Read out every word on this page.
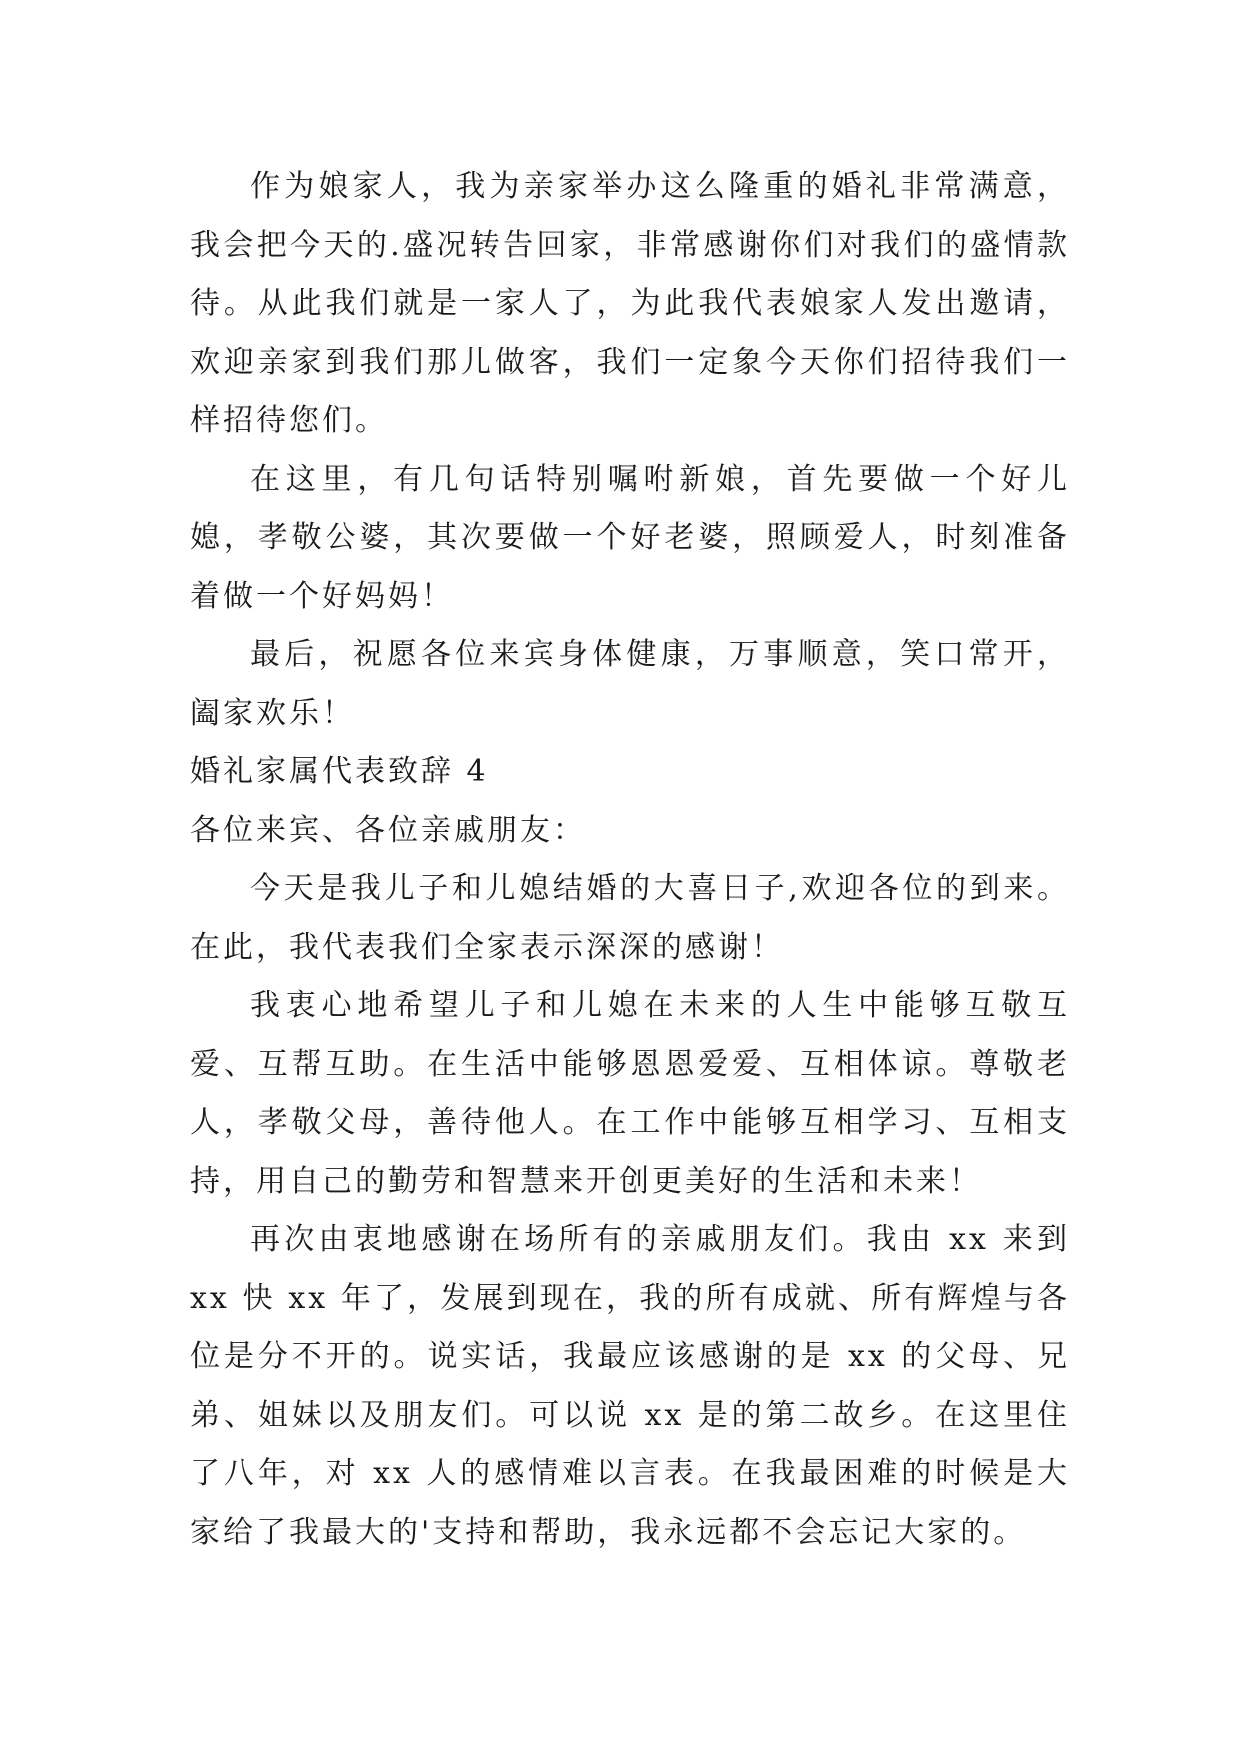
作为娘家人，我为亲家举办这么隆重的婚礼非常满意，我会把今天的.盛况转告回家，非常感谢你们对我们的盛情款待。从此我们就是一家人了，为此我代表娘家人发出邀请，欢迎亲家到我们那儿做客，我们一定象今天你们招待我们一样招待您们。

在这里，有几句话特别嘱咐新娘，首先要做一个好儿媳，孝敬公婆，其次要做一个好老婆，照顾爱人，时刻准备着做一个好妈妈！

最后，祝愿各位来宾身体健康，万事顺意，笑口常开，阖家欢乐！

婚礼家属代表致辞 4

各位来宾、各位亲戚朋友：

今天是我儿子和儿媳结婚的大喜日子,欢迎各位的到来。在此，我代表我们全家表示深深的感谢！

我衷心地希望儿子和儿媳在未来的人生中能够互敬互爱、互帮互助。在生活中能够恩恩爱爱、互相体谅。尊敬老人，孝敬父母，善待他人。在工作中能够互相学习、互相支持，用自己的勤劳和智慧来开创更美好的生活和未来！

再次由衷地感谢在场所有的亲戚朋友们。我由 xx 来到 xx 快 xx 年了，发展到现在，我的所有成就、所有辉煌与各位是分不开的。说实话，我最应该感谢的是 xx 的父母、兄弟、姐妹以及朋友们。可以说 xx 是的第二故乡。在这里住了八年，对 xx 人的感情难以言表。在我最困难的时候是大家给了我最大的'支持和帮助，我永远都不会忘记大家的。
